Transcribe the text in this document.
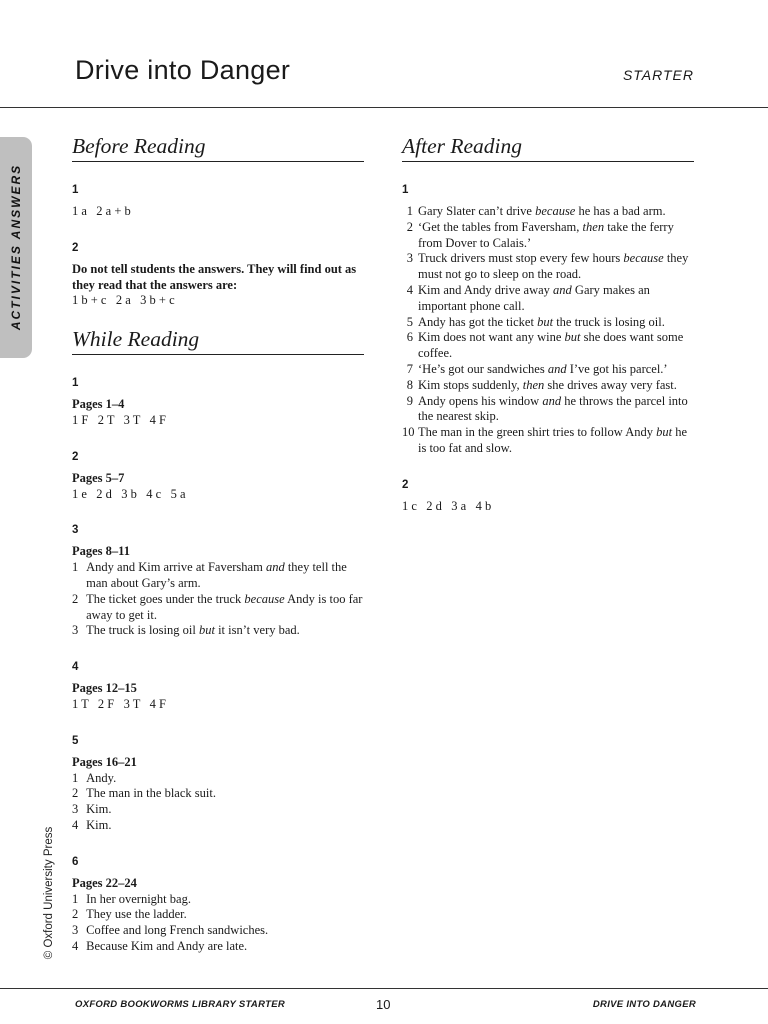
Drive into Danger	STARTER
ACTIVITIES ANSWERS
© Oxford University Press
Before Reading
1
1 a   2 a + b
2
Do not tell students the answers. They will find out as they read that the answers are:
1 b + c   2 a   3 b + c
While Reading
1
Pages 1–4
1 F   2 T   3 T   4 F
2
Pages 5–7
1 e   2 d   3 b   4 c   5 a
3
Pages 8–11
1
Andy and Kim arrive at Faversham and they tell the man about Gary’s arm.
2
The ticket goes under the truck because Andy is too far away to get it.
3
The truck is losing oil but it isn’t very bad.
4
Pages 12–15
1 T   2 F   3 T   4 F
5
Pages 16–21
1
Andy.
2
The man in the black suit.
3
Kim.
4
Kim.
6
Pages 22–24
1
In her overnight bag.
2
They use the ladder.
3
Coffee and long French sandwiches.
4
Because Kim and Andy are late.
After Reading
1
1 Gary Slater can’t drive because he has a bad arm.
2 ‘Get the tables from Faversham, then take the ferry from Dover to Calais.’
3 Truck drivers must stop every few hours because they must not go to sleep on the road.
4 Kim and Andy drive away and Gary makes an important phone call.
5 Andy has got the ticket but the truck is losing oil.
6 Kim does not want any wine but she does want some coffee.
7 ‘He’s got our sandwiches and I’ve got his parcel.’
8 Kim stops suddenly, then she drives away very fast.
9 Andy opens his window and he throws the parcel into the nearest skip.
10 The man in the green shirt tries to follow Andy but he is too fat and slow.
2
1 c   2 d   3 a   4 b
OXFORD BOOKWORMS LIBRARY STARTER	10	DRIVE INTO DANGER
